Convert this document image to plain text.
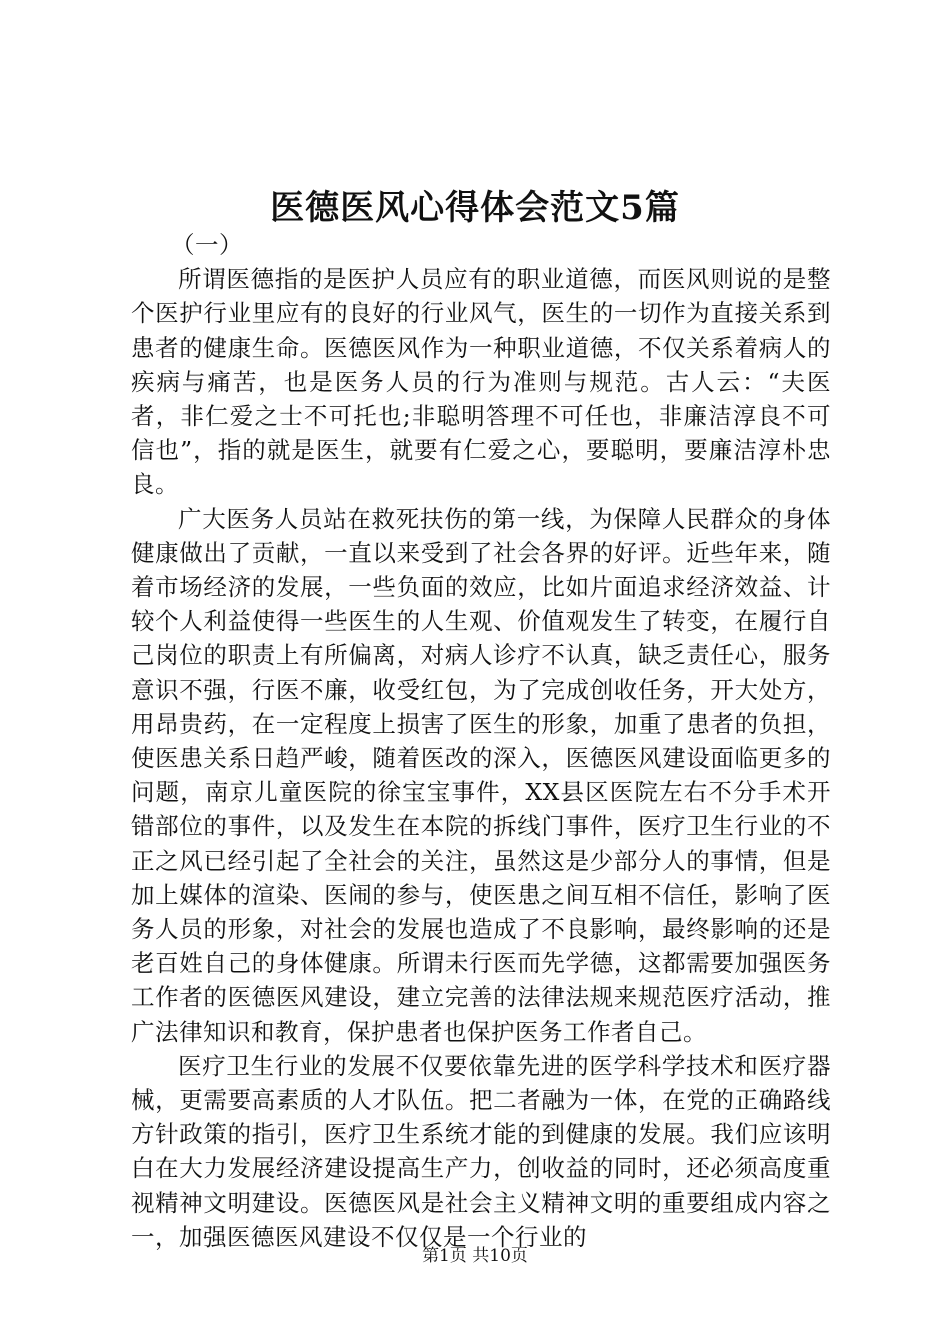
医德医风心得体会范文5篇

（一）

所谓医德指的是医护人员应有的职业道德，而医风则说的是整个医护行业里应有的良好的行业风气，医生的一切作为直接关系到患者的健康生命。医德医风作为一种职业道德，不仅关系着病人的疾病与痛苦，也是医务人员的行为准则与规范。古人云：“夫医者，非仁爱之士不可托也;非聪明答理不可任也，非廉洁淳良不可信也”，指的就是医生，就要有仁爱之心，要聪明，要廉洁淳朴忠良。

广大医务人员站在救死扶伤的第一线，为保障人民群众的身体健康做出了贡献，一直以来受到了社会各界的好评。近些年来，随着市场经济的发展，一些负面的效应，比如片面追求经济效益、计较个人利益使得一些医生的人生观、价值观发生了转变，在履行自己岗位的职责上有所偏离，对病人诊疗不认真，缺乏责任心，服务意识不强，行医不廉，收受红包，为了完成创收任务，开大处方，用昂贵药，在一定程度上损害了医生的形象，加重了患者的负担，使医患关系日趋严峻，随着医改的深入，医德医风建设面临更多的问题，南京儿童医院的徐宝宝事件，XX县区医院左右不分手术开错部位的事件，以及发生在本院的拆线门事件，医疗卫生行业的不正之风已经引起了全社会的关注，虽然这是少部分人的事情，但是加上媒体的渲染、医闹的参与，使医患之间互相不信任，影响了医务人员的形象，对社会的发展也造成了不良影响，最终影响的还是老百姓自己的身体健康。所谓未行医而先学德，这都需要加强医务工作者的医德医风建设，建立完善的法律法规来规范医疗活动，推广法律知识和教育，保护患者也保护医务工作者自己。

医疗卫生行业的发展不仅要依靠先进的医学科学技术和医疗器械，更需要高素质的人才队伍。把二者融为一体，在党的正确路线方针政策的指引，医疗卫生系统才能的到健康的发展。我们应该明白在大力发展经济建设提高生产力，创收益的同时，还必须高度重视精神文明建设。医德医风是社会主义精神文明的重要组成内容之一，加强医德医风建设不仅仅是一个行业的

第1页 共10页
